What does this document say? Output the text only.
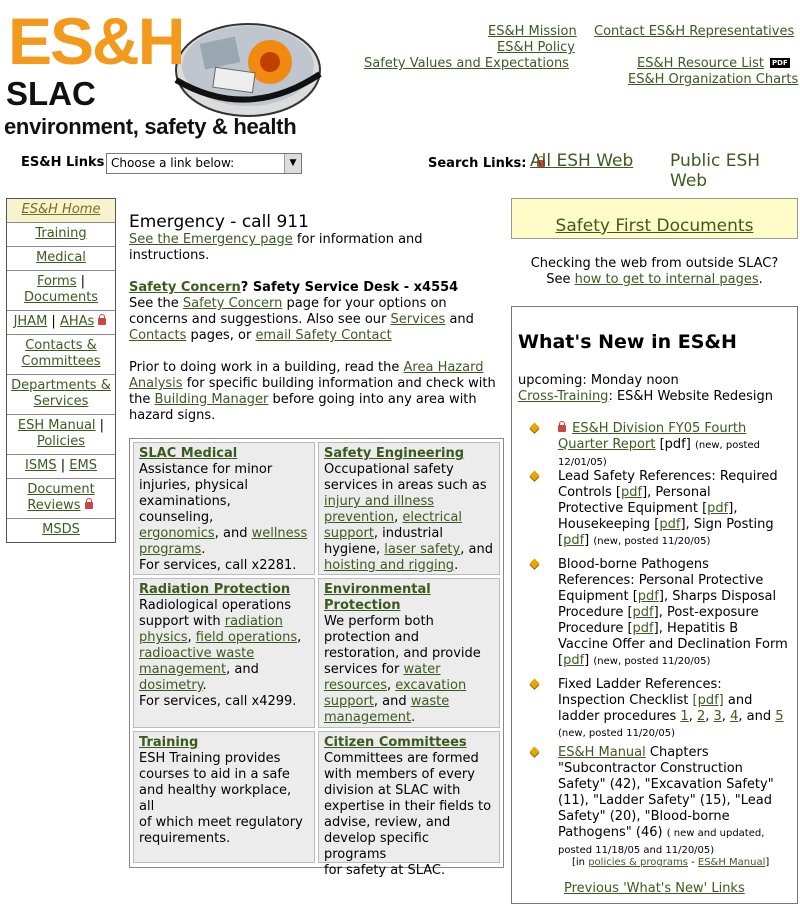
ES&H
SLAC
environment, safety & health
ES&H Mission Contact ES&H Representatives
ES&H Policy
Safety Values and Expectations	ES&H Resource List PDF
ES&H Organization Charts
ES&H Links Choose a link below:	▼	Search Links: All ESH Web Public ESH Web
ES&H Home
Training
Medical
Forms |
Documents
JHAM | AHAs
Contacts &
Committees
Departments &
Services
ESH Manual |
Policies
ISMS | EMS
Document
Reviews
MSDS
Emergency - call 911
See the Emergency page for information and
instructions.
Safety Concern? Safety Service Desk - x4554
See the Safety Concern page for your options on
concerns and suggestions. Also see our Services and
Contacts pages, or email Safety Contact
Prior to doing work in a building, read the Area Hazard
Analysis for specific building information and check with
the Building Manager before going into any area with
hazard signs.
SLAC Medical
Assistance for minor
injuries, physical
examinations, counseling,
ergonomics, and wellness
programs.
For services, call x2281.
Safety Engineering
Occupational safety
services in areas such as
injury and illness
prevention, electrical
support, industrial
hygiene, laser safety, and
hoisting and rigging.
Radiation Protection
Radiological operations
support with radiation
physics, field operations,
radioactive waste
management, and
dosimetry.
For services, call x4299.
Environmental
Protection
We perform both
protection and
restoration, and provide
services for water
resources, excavation
support, and waste
management.
Training
ESH Training provides
courses to aid in a safe
and healthy workplace, all
of which meet regulatory
requirements.
Citizen Committees
Committees are formed
with members of every
division at SLAC with
expertise in their fields to
advise, review, and
develop specific programs
for safety at SLAC.
Safety First Documents
Checking the web from outside SLAC?
See how to get to internal pages.
What's New in ES&H
upcoming: Monday noon
Cross-Training: ES&H Website Redesign
ES&H Division FY05 Fourth
Quarter Report [pdf] (new, posted
12/01/05)
Lead Safety References: Required
Controls [pdf], Personal
Protective Equipment [pdf],
Housekeeping [pdf], Sign Posting
[pdf] (new, posted 11/20/05)
Blood-borne Pathogens
References: Personal Protective
Equipment [pdf], Sharps Disposal
Procedure [pdf], Post-exposure
Procedure [pdf], Hepatitis B
Vaccine Offer and Declination Form
[pdf] (new, posted 11/20/05)
Fixed Ladder References:
Inspection Checklist [pdf] and
ladder procedures 1, 2, 3, 4, and 5
(new, posted 11/20/05)
ES&H Manual Chapters
"Subcontractor Construction
Safety" (42), "Excavation Safety"
(11), "Ladder Safety" (15), "Lead
Safety" (20), "Blood-borne
Pathogens" (46) ( new and updated,
posted 11/18/05 and 11/20/05)
[in policies & programs - ES&H Manual]
Previous 'What's New' Links
